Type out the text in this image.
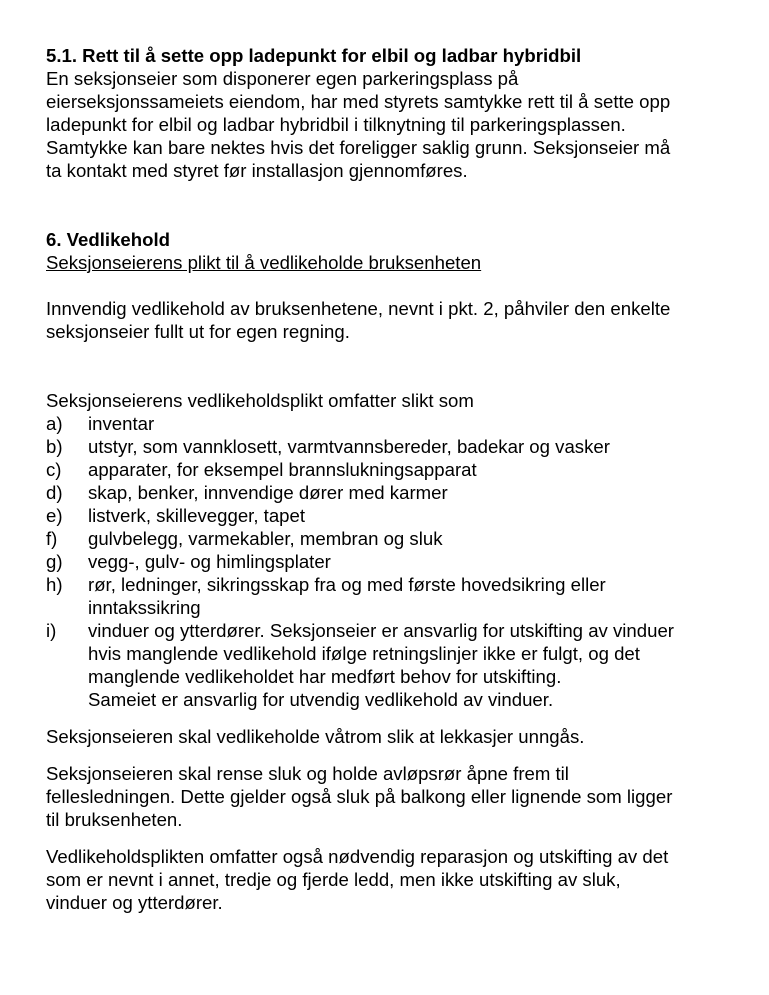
5.1. Rett til å sette opp ladepunkt for elbil og ladbar hybridbil

En seksjonseier som disponerer egen parkeringsplass på

eierseksjonssameiets eiendom, har med styrets samtykke rett til å sette opp

ladepunkt for elbil og ladbar hybridbil i tilknytning til parkeringsplassen.

Samtykke kan bare nektes hvis det foreligger saklig grunn. Seksjonseier må

ta kontakt med styret før installasjon gjennomføres.

6. Vedlikehold

Seksjonseierens plikt til å vedlikeholde bruksenheten

Innvendig vedlikehold av bruksenhetene, nevnt i pkt. 2, påhviler den enkelte

seksjonseier fullt ut for egen regning.

Seksjonseierens vedlikeholdsplikt omfatter slikt som

a) inventar

b) utstyr, som vannklosett, varmtvannsbereder, badekar og vasker

c) apparater, for eksempel brannslukningsapparat

d) skap, benker, innvendige dører med karmer

e) listverk, skillevegger, tapet

f) gulvbelegg, varmekabler, membran og sluk

g) vegg-, gulv- og himlingsplater

h) rør, ledninger, sikringsskap fra og med første hovedsikring eller

inntakssikring

i) vinduer og ytterdører. Seksjonseier er ansvarlig for utskifting av vinduer

hvis manglende vedlikehold ifølge retningslinjer ikke er fulgt, og det

manglende vedlikeholdet har medført behov for utskifting.

Sameiet er ansvarlig for utvendig vedlikehold av vinduer.

Seksjonseieren skal vedlikeholde våtrom slik at lekkasjer unngås.

Seksjonseieren skal rense sluk og holde avløpsrør åpne frem til

fellesledningen. Dette gjelder også sluk på balkong eller lignende som ligger

til bruksenheten.

Vedlikeholdsplikten omfatter også nødvendig reparasjon og utskifting av det

som er nevnt i annet, tredje og fjerde ledd, men ikke utskifting av sluk,

vinduer og ytterdører.
